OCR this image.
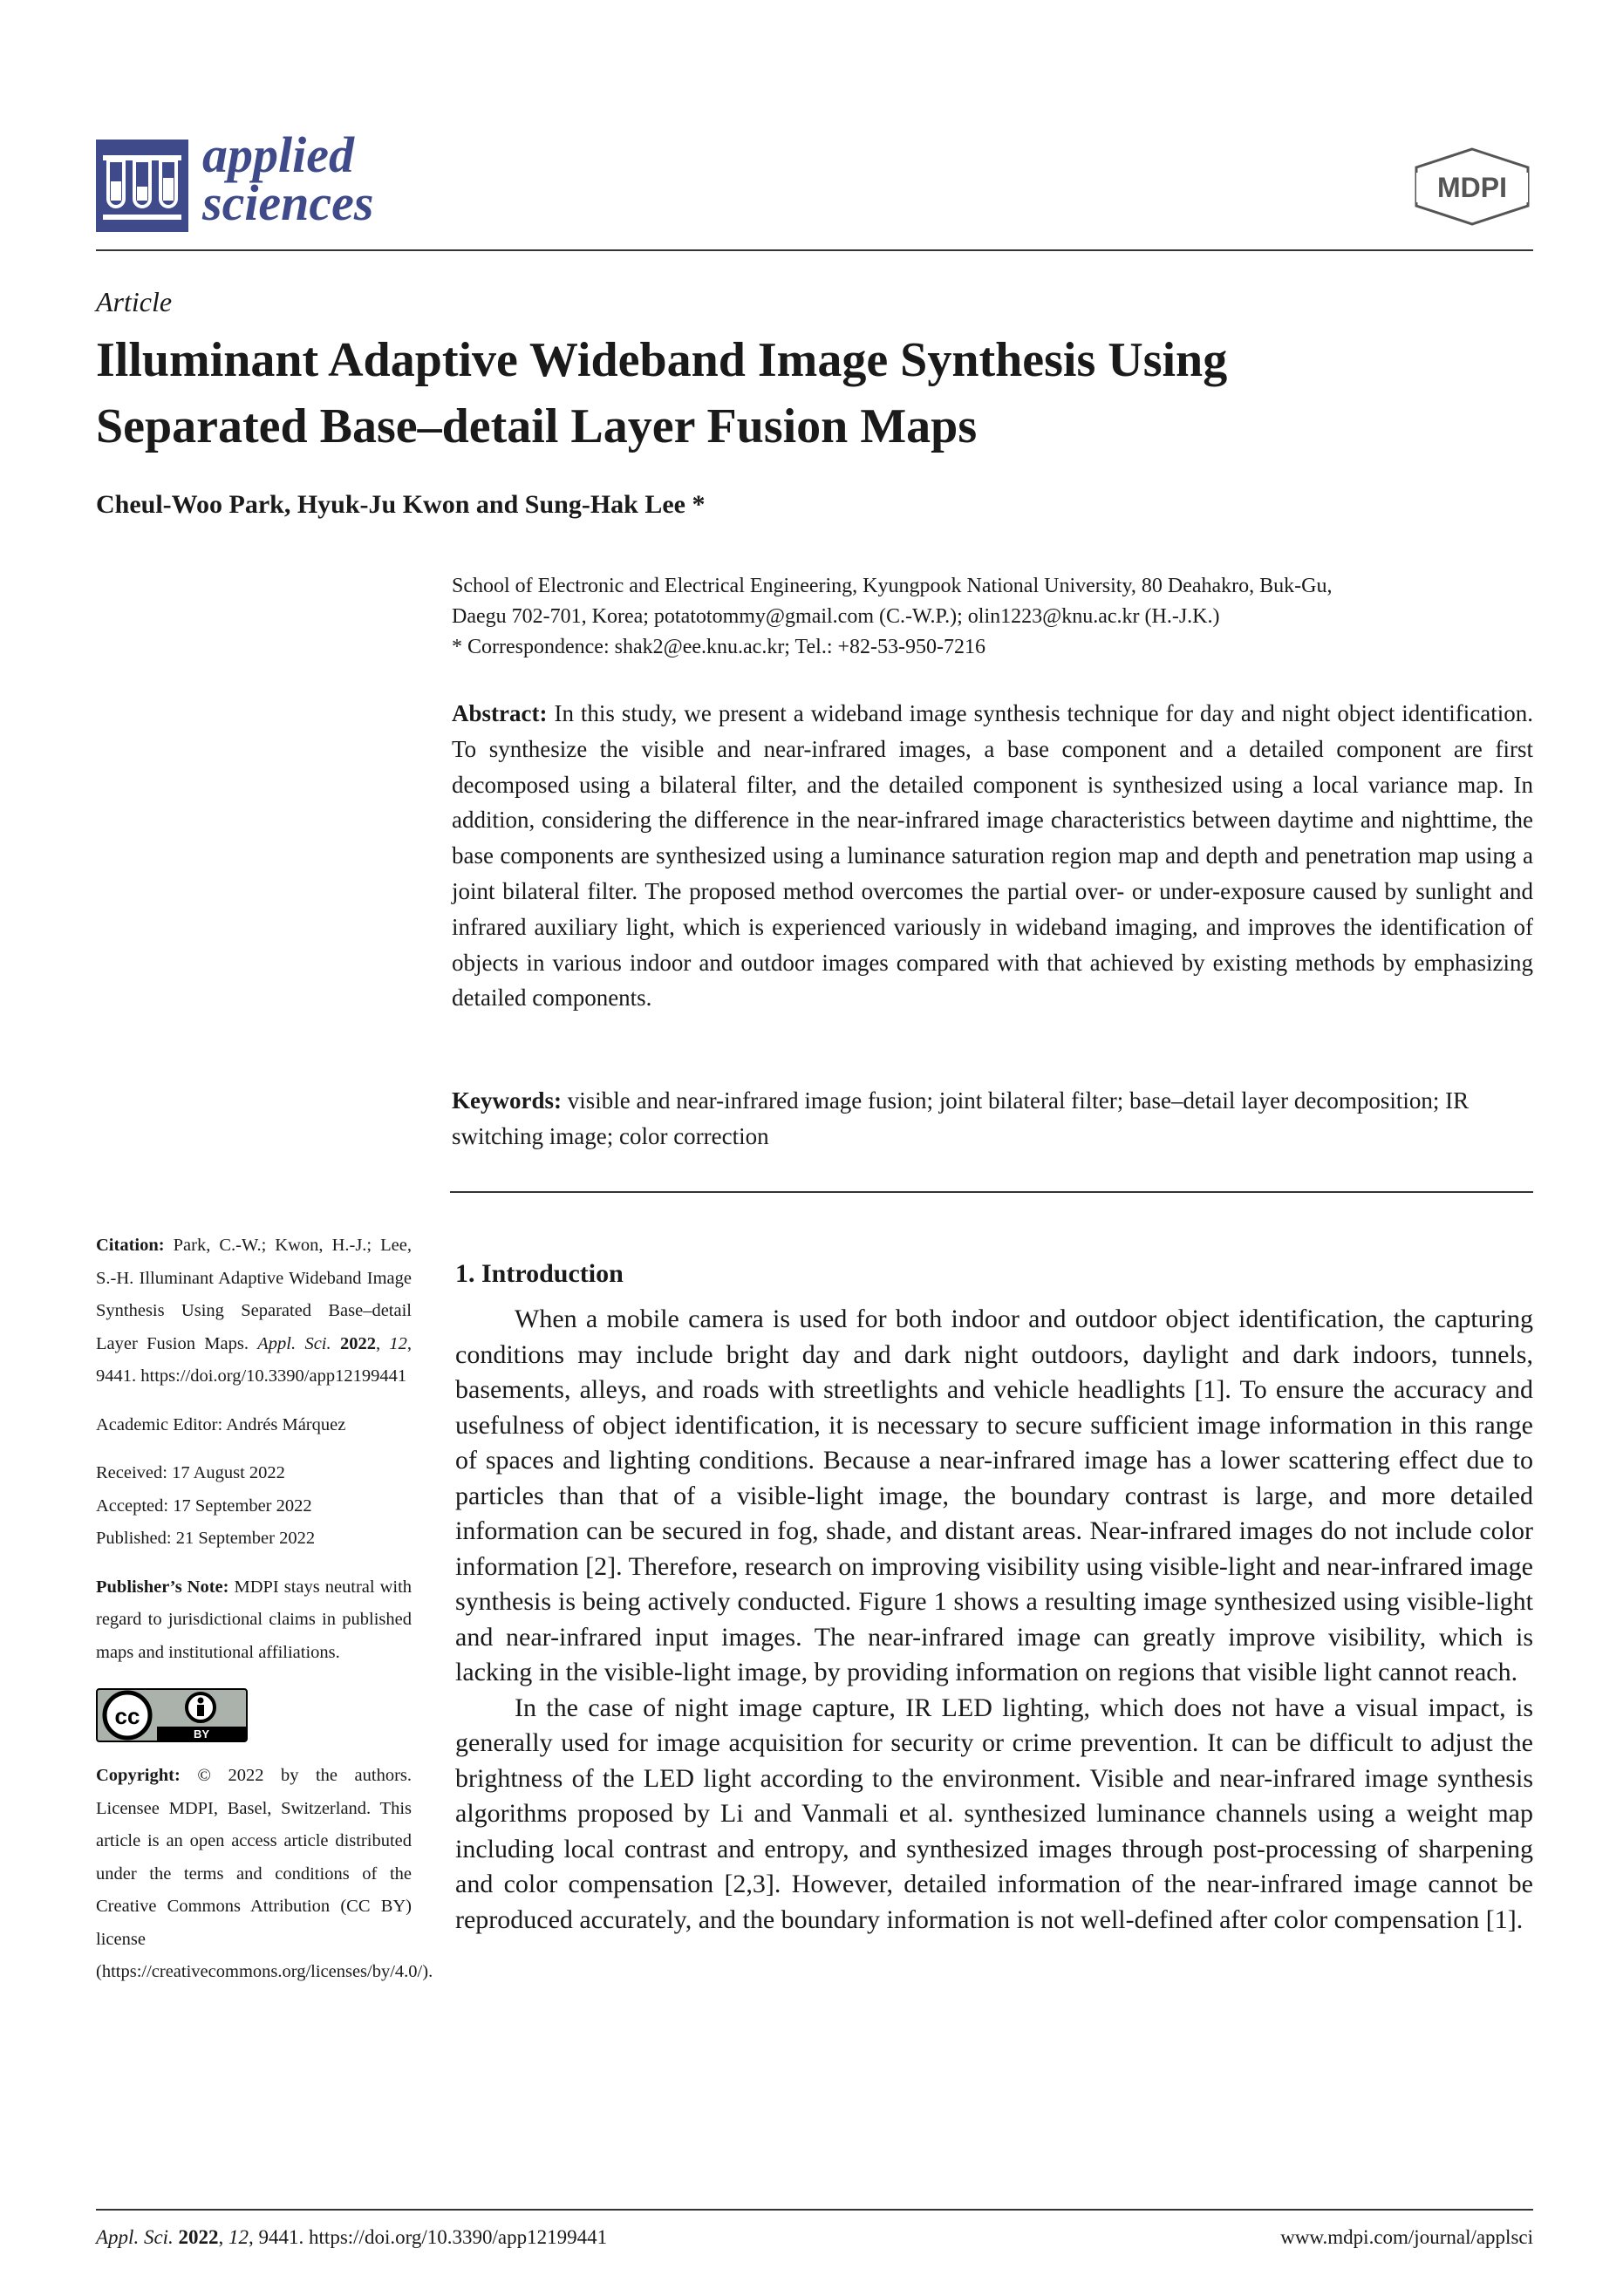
applied
sciences	MDPI
Article
Illuminant Adaptive Wideband Image Synthesis Using
Separated Base–detail Layer Fusion Maps
Cheul-Woo Park, Hyuk-Ju Kwon and Sung-Hak Lee *
School of Electronic and Electrical Engineering, Kyungpook National University, 80 Deahakro, Buk-Gu,
Daegu 702-701, Korea; potatotommy@gmail.com (C.-W.P.); olin1223@knu.ac.kr (H.-J.K.)
* Correspondence: shak2@ee.knu.ac.kr; Tel.: +82-53-950-7216
Abstract: In this study, we present a wideband image synthesis technique for day and night object identification. To synthesize the visible and near-infrared images, a base component and a detailed component are first decomposed using a bilateral filter, and the detailed component is synthesized using a local variance map. In addition, considering the difference in the near-infrared image characteristics between daytime and nighttime, the base components are synthesized using a luminance saturation region map and depth and penetration map using a joint bilateral filter. The proposed method overcomes the partial over- or under-exposure caused by sunlight and infrared auxiliary light, which is experienced variously in wideband imaging, and improves the identification of objects in various indoor and outdoor images compared with that achieved by existing methods by emphasizing detailed components.
Keywords: visible and near-infrared image fusion; joint bilateral filter; base–detail layer decomposition; IR switching image; color correction
Citation: Park, C.-W.; Kwon, H.-J.; Lee, S.-H. Illuminant Adaptive Wideband Image Synthesis Using Separated Base–detail Layer Fusion Maps. Appl. Sci. 2022, 12, 9441. https://doi.org/10.3390/app12199441
Academic Editor: Andrés Márquez
Received: 17 August 2022
Accepted: 17 September 2022
Published: 21 September 2022
Publisher’s Note: MDPI stays neutral with regard to jurisdictional claims in published maps and institutional affiliations.
cc
BY
Copyright: © 2022 by the authors. Licensee MDPI, Basel, Switzerland. This article is an open access article distributed under the terms and conditions of the Creative Commons Attribution (CC BY) license (https://creativecommons.org/licenses/by/4.0/).
1. Introduction

When a mobile camera is used for both indoor and outdoor object identification, the capturing conditions may include bright day and dark night outdoors, daylight and dark indoors, tunnels, basements, alleys, and roads with streetlights and vehicle headlights [1]. To ensure the accuracy and usefulness of object identification, it is necessary to secure sufficient image information in this range of spaces and lighting conditions. Because a near-infrared image has a lower scattering effect due to particles than that of a visible-light image, the boundary contrast is large, and more detailed information can be secured in fog, shade, and distant areas. Near-infrared images do not include color information [2]. Therefore, research on improving visibility using visible-light and near-infrared image synthesis is being actively conducted. Figure 1 shows a resulting image synthesized using visible-light and near-infrared input images. The near-infrared image can greatly improve visibility, which is lacking in the visible-light image, by providing information on regions that visible light cannot reach.

In the case of night image capture, IR LED lighting, which does not have a visual impact, is generally used for image acquisition for security or crime prevention. It can be difficult to adjust the brightness of the LED light according to the environment. Visible and near-infrared image synthesis algorithms proposed by Li and Vanmali et al. synthesized luminance channels using a weight map including local contrast and entropy, and synthesized images through post-processing of sharpening and color compensation [2,3]. However, detailed information of the near-infrared image cannot be reproduced accurately, and the boundary information is not well-defined after color compensation [1].

Appl. Sci. 2022, 12, 9441. https://doi.org/10.3390/app12199441	www.mdpi.com/journal/applsci
